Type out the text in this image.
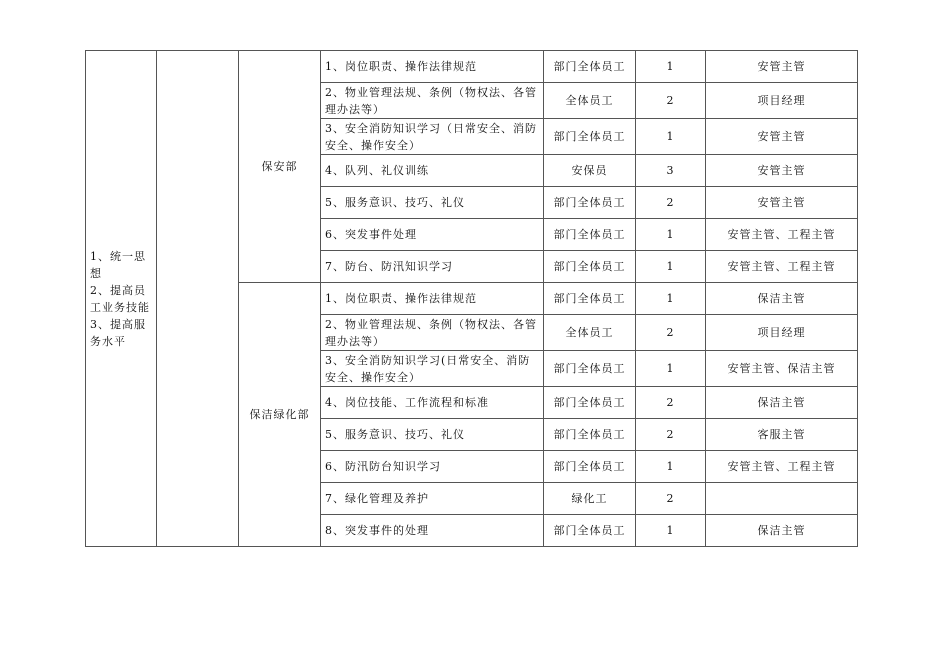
1、统一思想
2、提高员工业务技能
3、提高服务水平		保安部	1、岗位职责、操作法律规范	部门全体员工	1	安管主管

			2、物业管理法规、条例（物权法、各管
理办法等）	全体员工	2	项目经理

			3、安全消防知识学习（日常安全、消防
安全、操作安全）	部门全体员工	1	安管主管

			4、队列、礼仪训练	安保员	3	安管主管

			5、服务意识、技巧、礼仪	部门全体员工	2	安管主管

			6、突发事件处理	部门全体员工	1	安管主管、工程主管

			7、防台、防汛知识学习	部门全体员工	1	安管主管、工程主管
		保洁绿化部	1、岗位职责、操作法律规范	部门全体员工	1	保洁主管

			2、物业管理法规、条例（物权法、各管
理办法等）	全体员工	2	项目经理

			3、安全消防知识学习(日常安全、消防
安全、操作安全）	部门全体员工	1	安管主管、保洁主管

			4、岗位技能、工作流程和标准	部门全体员工	2	保洁主管

			5、服务意识、技巧、礼仪	部门全体员工	2	客服主管

			6、防汛防台知识学习	部门全体员工	1	安管主管、工程主管

			7、绿化管理及养护	绿化工	2	

			8、突发事件的处理	部门全体员工	1	保洁主管
